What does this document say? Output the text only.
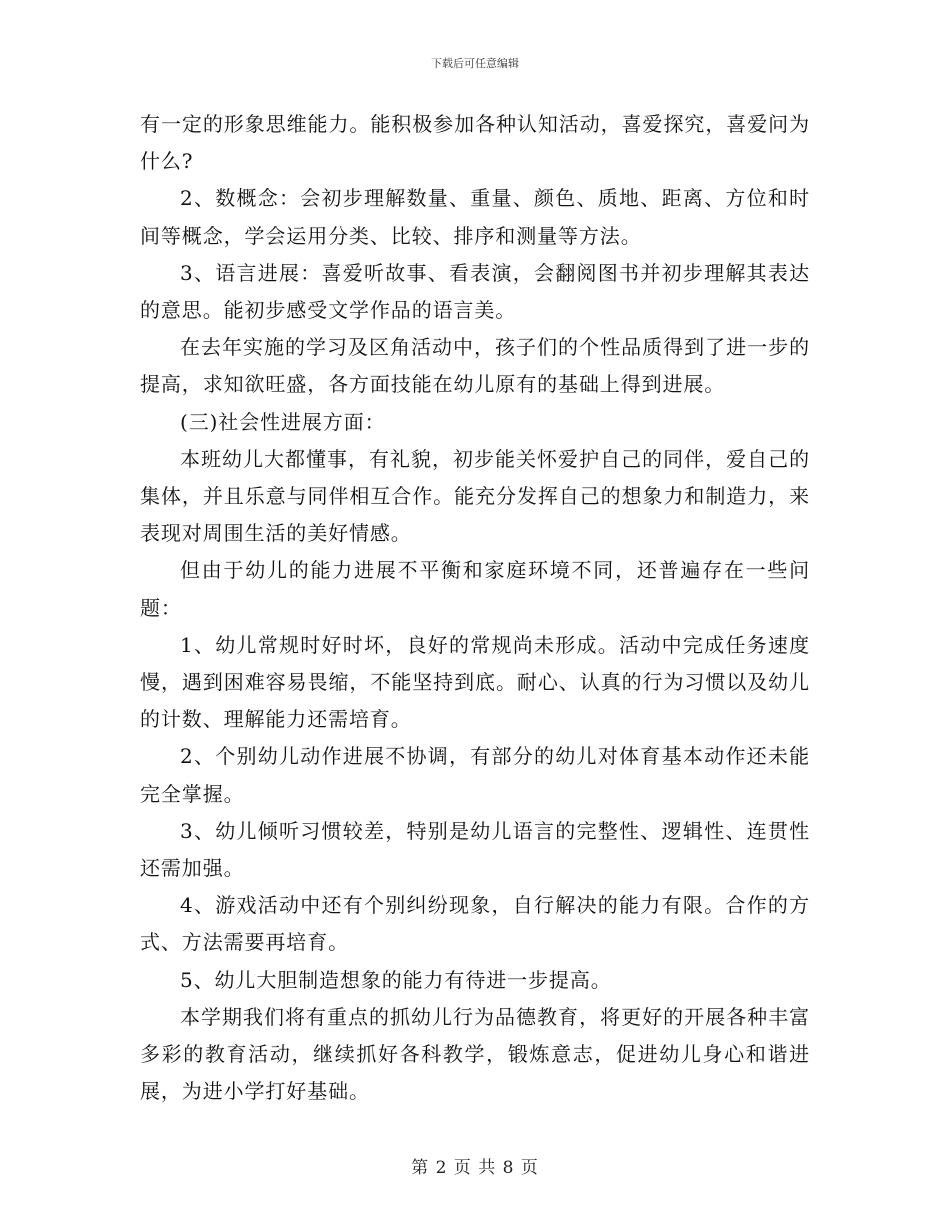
下载后可任意编辑

有一定的形象思维能力。能积极参加各种认知活动，喜爱探究，喜爱问为什么?

2、数概念：会初步理解数量、重量、颜色、质地、距离、方位和时间等概念，学会运用分类、比较、排序和测量等方法。

3、语言进展：喜爱听故事、看表演，会翻阅图书并初步理解其表达的意思。能初步感受文学作品的语言美。

在去年实施的学习及区角活动中，孩子们的个性品质得到了进一步的提高，求知欲旺盛，各方面技能在幼儿原有的基础上得到进展。

(三)社会性进展方面：

本班幼儿大都懂事，有礼貌，初步能关怀爱护自己的同伴，爱自己的集体，并且乐意与同伴相互合作。能充分发挥自己的想象力和制造力，来表现对周围生活的美好情感。

但由于幼儿的能力进展不平衡和家庭环境不同，还普遍存在一些问题：

1、幼儿常规时好时坏，良好的常规尚未形成。活动中完成任务速度慢，遇到困难容易畏缩，不能坚持到底。耐心、认真的行为习惯以及幼儿的计数、理解能力还需培育。

2、个别幼儿动作进展不协调，有部分的幼儿对体育基本动作还未能完全掌握。

3、幼儿倾听习惯较差，特别是幼儿语言的完整性、逻辑性、连贯性还需加强。

4、游戏活动中还有个别纠纷现象，自行解决的能力有限。合作的方式、方法需要再培育。

5、幼儿大胆制造想象的能力有待进一步提高。

本学期我们将有重点的抓幼儿行为品德教育，将更好的开展各种丰富多彩的教育活动，继续抓好各科教学，锻炼意志，促进幼儿身心和谐进展，为进小学打好基础。

第 2 页 共 8 页
